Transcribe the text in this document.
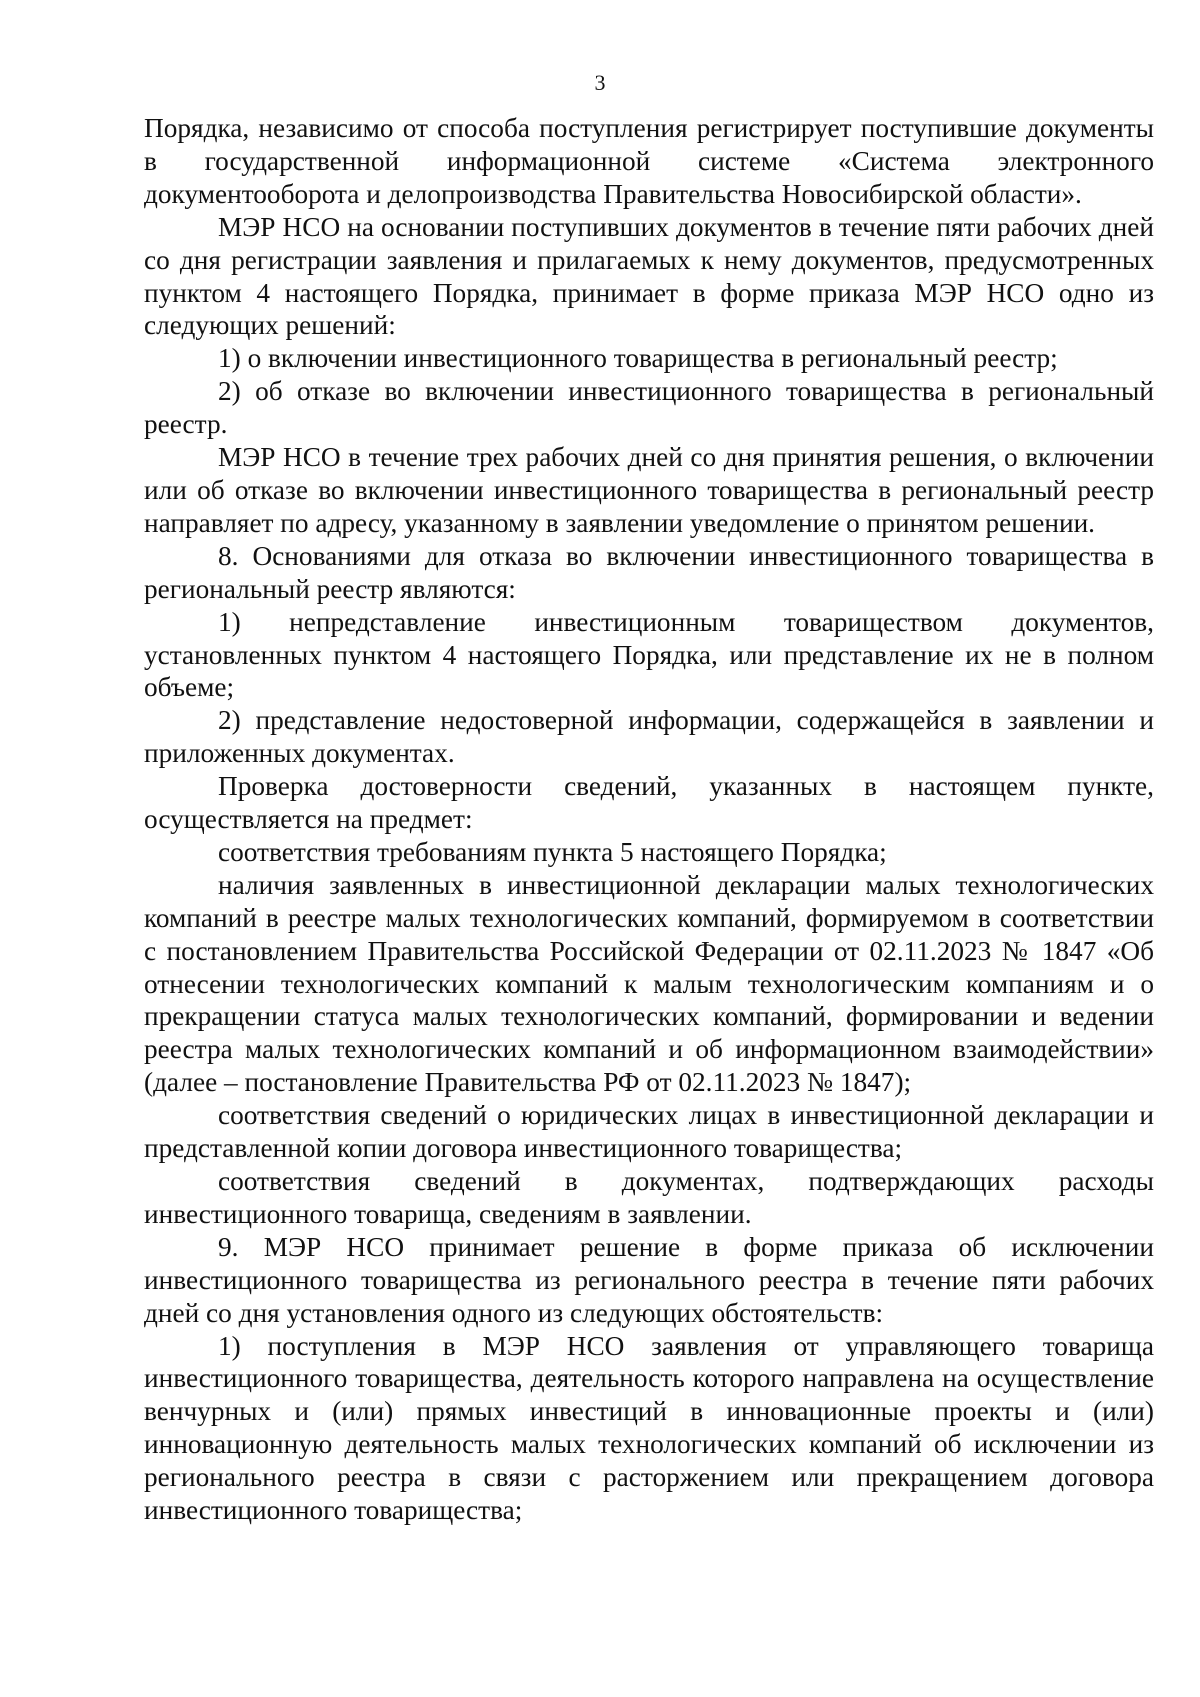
3

Порядка, независимо от способа поступления регистрирует поступившие документы в государственной информационной системе «Система электронного документооборота и делопроизводства Правительства Новосибирской области».

МЭР НСО на основании поступивших документов в течение пяти рабочих дней со дня регистрации заявления и прилагаемых к нему документов, предусмотренных пунктом 4 настоящего Порядка, принимает в форме приказа МЭР НСО одно из следующих решений:

1) о включении инвестиционного товарищества в региональный реестр;

2) об отказе во включении инвестиционного товарищества в региональный реестр.

МЭР НСО в течение трех рабочих дней со дня принятия решения, о включении или об отказе во включении инвестиционного товарищества в региональный реестр направляет по адресу, указанному в заявлении уведомление о принятом решении.

8. Основаниями для отказа во включении инвестиционного товарищества в региональный реестр являются:

1) непредставление инвестиционным товариществом документов, установленных пунктом 4 настоящего Порядка, или представление их не в полном объеме;

2) представление недостоверной информации, содержащейся в заявлении и приложенных документах.

Проверка достоверности сведений, указанных в настоящем пункте, осуществляется на предмет:

соответствия требованиям пункта 5 настоящего Порядка;

наличия заявленных в инвестиционной декларации малых технологических компаний в реестре малых технологических компаний, формируемом в соответствии с постановлением Правительства Российской Федерации от 02.11.2023 № 1847 «Об отнесении технологических компаний к малым технологическим компаниям и о прекращении статуса малых технологических компаний, формировании и ведении реестра малых технологических компаний и об информационном взаимодействии» (далее – постановление Правительства РФ от 02.11.2023 № 1847);

соответствия сведений о юридических лицах в инвестиционной декларации и представленной копии договора инвестиционного товарищества;

соответствия сведений в документах, подтверждающих расходы инвестиционного товарища, сведениям в заявлении.

9. МЭР НСО принимает решение в форме приказа об исключении инвестиционного товарищества из регионального реестра в течение пяти рабочих дней со дня установления одного из следующих обстоятельств:

1) поступления в МЭР НСО заявления от управляющего товарища инвестиционного товарищества, деятельность которого направлена на осуществление венчурных и (или) прямых инвестиций в инновационные проекты и (или) инновационную деятельность малых технологических компаний об исключении из регионального реестра в связи с расторжением или прекращением договора инвестиционного товарищества;
